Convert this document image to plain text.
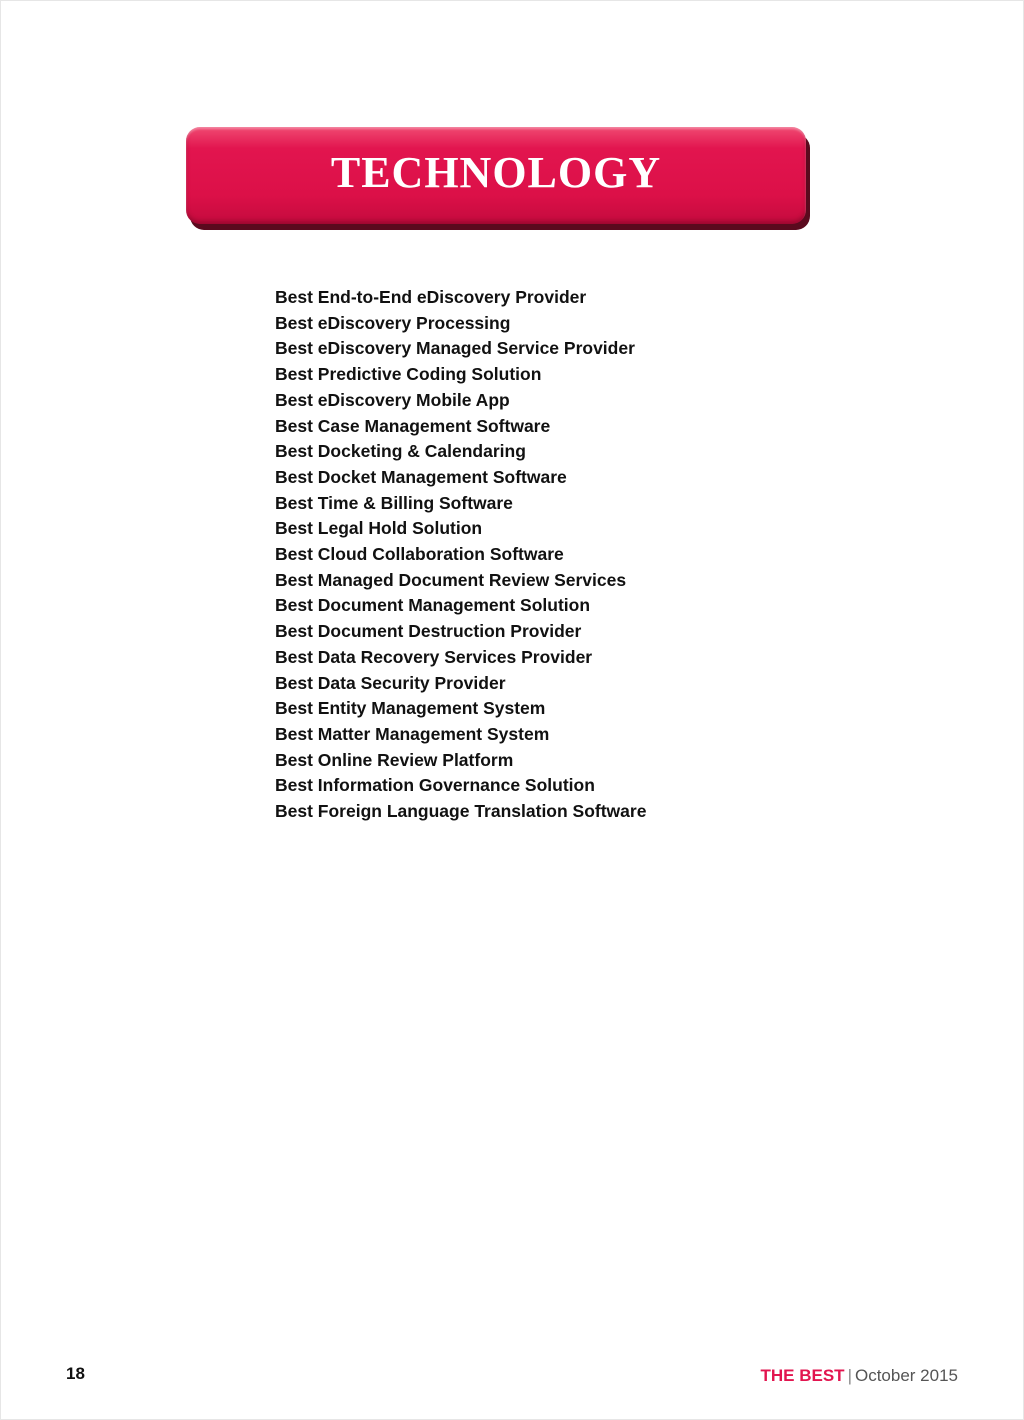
TECHNOLOGY
Best End-to-End eDiscovery Provider
Best eDiscovery Processing
Best eDiscovery Managed Service Provider
Best Predictive Coding Solution
Best eDiscovery Mobile App
Best Case Management Software
Best Docketing & Calendaring
Best Docket Management Software
Best Time & Billing Software
Best Legal Hold Solution
Best Cloud Collaboration Software
Best Managed Document Review Services
Best Document Management Solution
Best Document Destruction Provider
Best Data Recovery Services Provider
Best Data Security Provider
Best Entity Management System
Best Matter Management System
Best Online Review Platform
Best Information Governance Solution
Best Foreign Language Translation Software
18	THE BEST | October 2015
